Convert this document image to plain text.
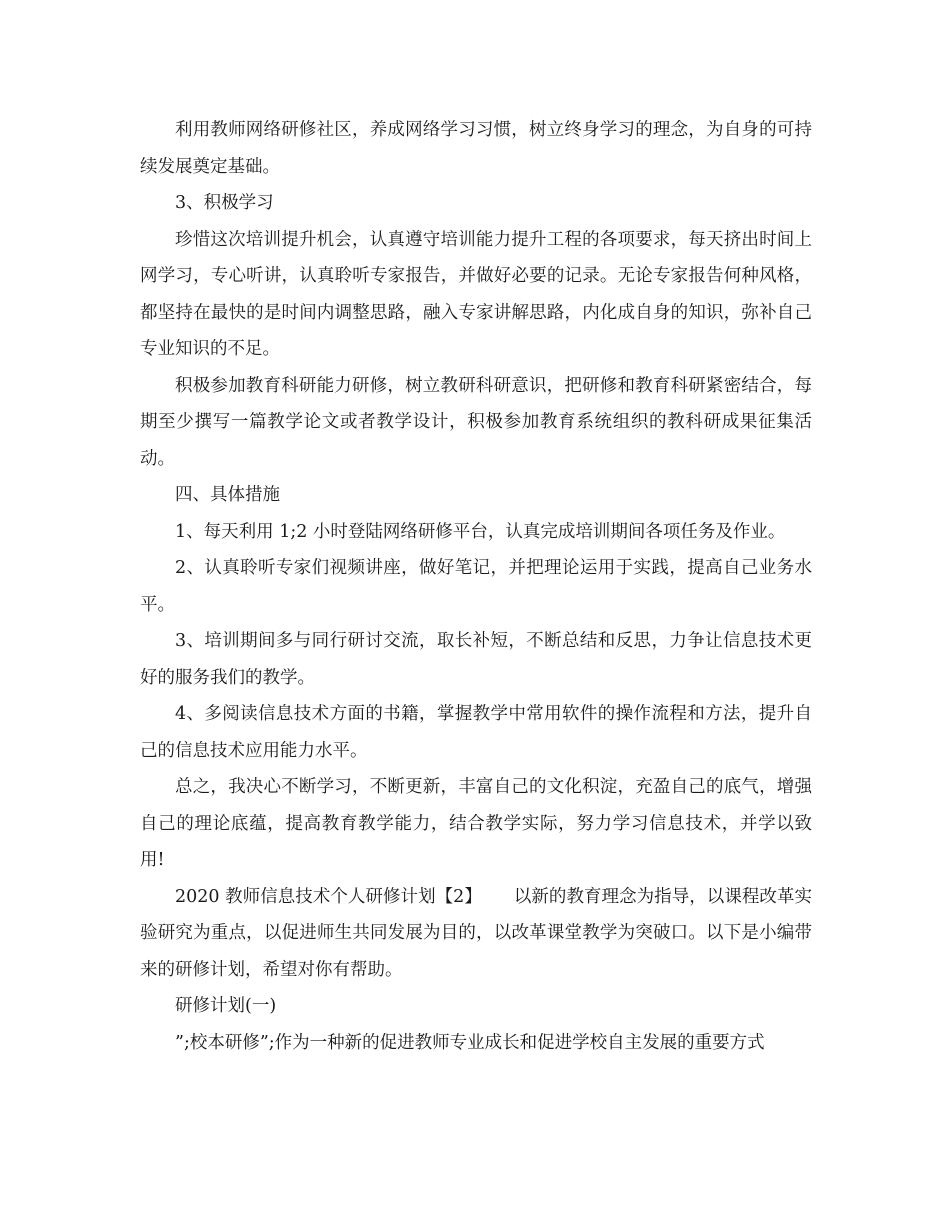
利用教师网络研修社区，养成网络学习习惯，树立终身学习的理念，为自身的可持续发展奠定基础。

3、积极学习

珍惜这次培训提升机会，认真遵守培训能力提升工程的各项要求，每天挤出时间上网学习，专心听讲，认真聆听专家报告，并做好必要的记录。无论专家报告何种风格，都坚持在最快的是时间内调整思路，融入专家讲解思路，内化成自身的知识，弥补自己专业知识的不足。

积极参加教育科研能力研修，树立教研科研意识，把研修和教育科研紧密结合，每期至少撰写一篇教学论文或者教学设计，积极参加教育系统组织的教科研成果征集活动。

四、具体措施

1、每天利用 1;2 小时登陆网络研修平台，认真完成培训期间各项任务及作业。

2、认真聆听专家们视频讲座，做好笔记，并把理论运用于实践，提高自己业务水平。

3、培训期间多与同行研讨交流，取长补短，不断总结和反思，力争让信息技术更好的服务我们的教学。

4、多阅读信息技术方面的书籍，掌握教学中常用软件的操作流程和方法，提升自己的信息技术应用能力水平。

总之，我决心不断学习，不断更新，丰富自己的文化积淀，充盈自己的底气，增强自己的理论底蕴，提高教育教学能力，结合教学实际，努力学习信息技术，并学以致用!

2020 教师信息技术个人研修计划【2】　　 以新的教育理念为指导，以课程改革实验研究为重点，以促进师生共同发展为目的，以改革课堂教学为突破口。以下是小编带来的研修计划，希望对你有帮助。

研修计划(一)

”;校本研修”;作为一种新的促进教师专业成长和促进学校自主发展的重要方式
